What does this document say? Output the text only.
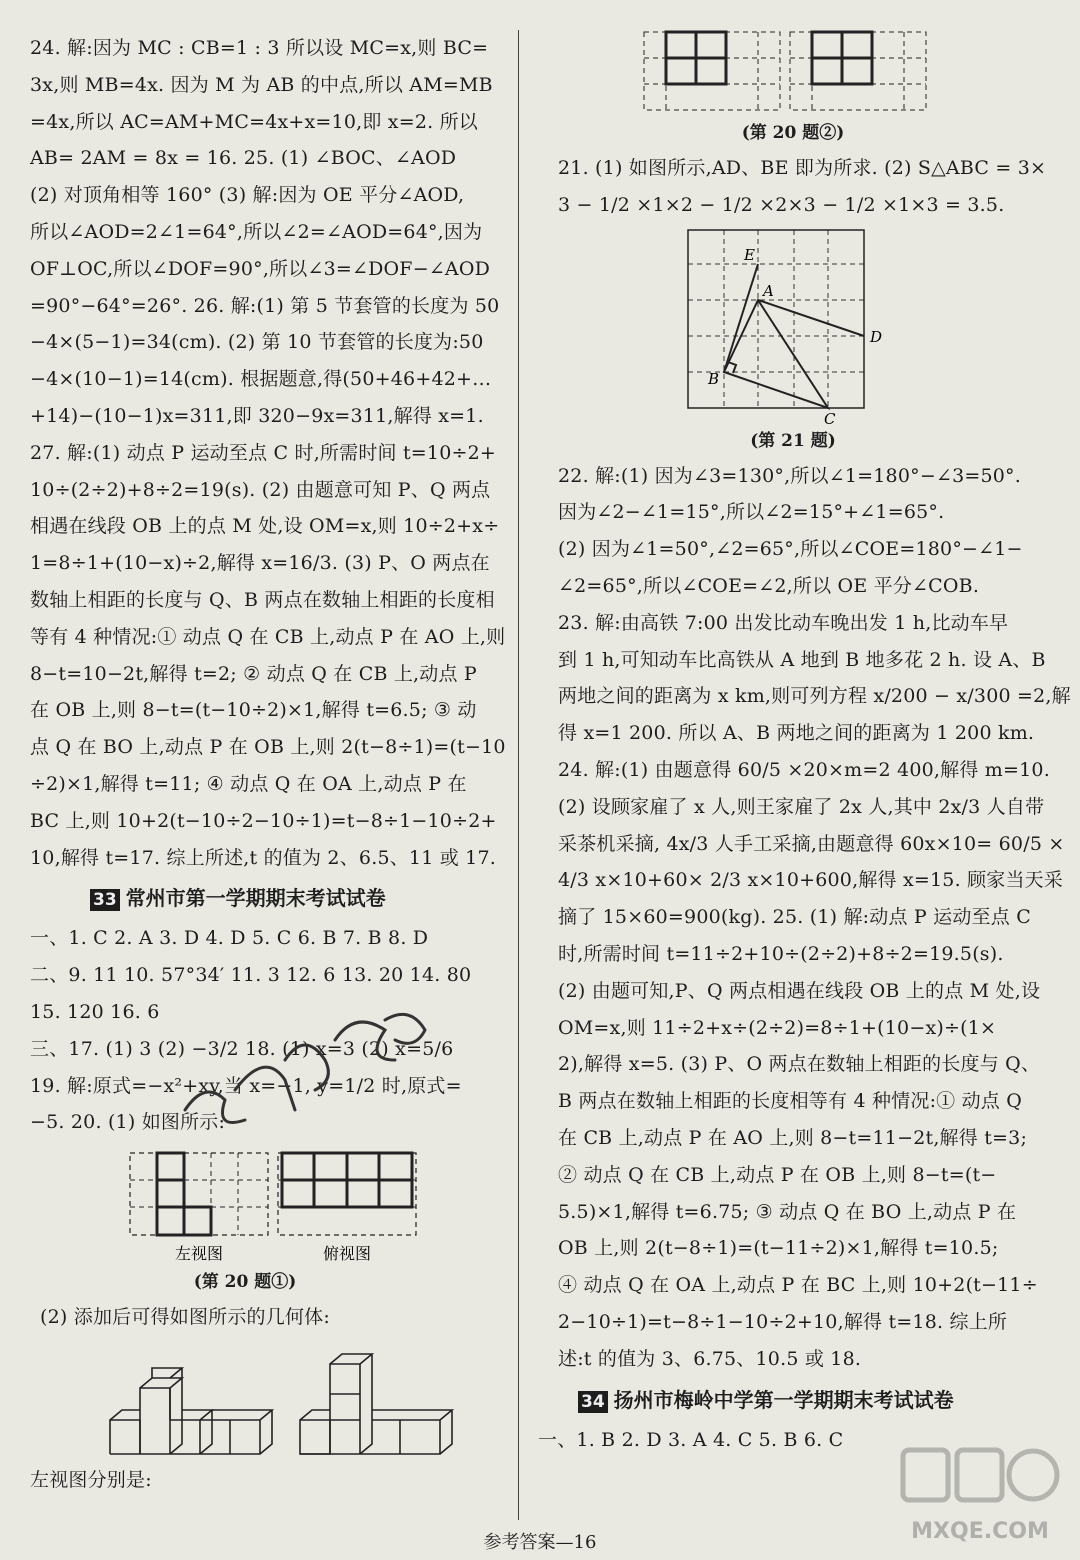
24. 解:因为 MC : CB=1 : 3 所以设 MC=x,则 BC=
3x,则 MB=4x. 因为 M 为 AB 的中点,所以 AM=MB
=4x,所以 AC=AM+MC=4x+x=10,即 x=2. 所以
AB= 2AM = 8x = 16. 25. (1) ∠BOC、∠AOD
(2) 对顶角相等 160° (3) 解:因为 OE 平分∠AOD,
所以∠AOD=2∠1=64°,所以∠2=∠AOD=64°,因为
OF⊥OC,所以∠DOF=90°,所以∠3=∠DOF−∠AOD
=90°−64°=26°. 26. 解:(1) 第 5 节套管的长度为 50
−4×(5−1)=34(cm). (2) 第 10 节套管的长度为:50
−4×(10−1)=14(cm). 根据题意,得(50+46+42+…
+14)−(10−1)x=311,即 320−9x=311,解得 x=1.
27. 解:(1) 动点 P 运动至点 C 时,所需时间 t=10÷2+
10÷(2÷2)+8÷2=19(s). (2) 由题意可知 P、Q 两点
相遇在线段 OB 上的点 M 处,设 OM=x,则 10÷2+x÷
1=8÷1+(10−x)÷2,解得 x=16/3. (3) P、O 两点在
数轴上相距的长度与 Q、B 两点在数轴上相距的长度相
等有 4 种情况:① 动点 Q 在 CB 上,动点 P 在 AO 上,则
8−t=10−2t,解得 t=2; ② 动点 Q 在 CB 上,动点 P
在 OB 上,则 8−t=(t−10÷2)×1,解得 t=6.5; ③ 动
点 Q 在 BO 上,动点 P 在 OB 上,则 2(t−8÷1)=(t−10
÷2)×1,解得 t=11; ④ 动点 Q 在 OA 上,动点 P 在
BC 上,则 10+2(t−10÷2−10÷1)=t−8÷1−10÷2+
10,解得 t=17. 综上所述,t 的值为 2、6.5、11 或 17.
33 常州市第一学期期末考试试卷
一、1. C 2. A 3. D 4. D 5. C 6. B 7. B 8. D
二、9. 11 10. 57°34′ 11. 3 12. 6 13. 20 14. 80
15. 120 16. 6
三、17. (1) 3 (2) −3/2 18. (1) x=3 (2) x=5/6
19. 解:原式=−x²+xy,当 x=−1, y=1/2 时,原式=
−5. 20. (1) 如图所示:
左视图	俯视图
(第 20 题①)
(2) 添加后可得如图所示的几何体:
左视图分别是:
(第 20 题②)
21. (1) 如图所示,AD、BE 即为所求. (2) S△ABC = 3×
3 − 1/2 ×1×2 − 1/2 ×2×3 − 1/2 ×1×3 = 3.5.
E
A
D
B
C
(第 21 题)
22. 解:(1) 因为∠3=130°,所以∠1=180°−∠3=50°.
因为∠2−∠1=15°,所以∠2=15°+∠1=65°.
(2) 因为∠1=50°,∠2=65°,所以∠COE=180°−∠1−
∠2=65°,所以∠COE=∠2,所以 OE 平分∠COB.
23. 解:由高铁 7:00 出发比动车晚出发 1 h,比动车早
到 1 h,可知动车比高铁从 A 地到 B 地多花 2 h. 设 A、B
两地之间的距离为 x km,则可列方程 x/200 − x/300 =2,解
得 x=1 200. 所以 A、B 两地之间的距离为 1 200 km.
24. 解:(1) 由题意得 60/5 ×20×m=2 400,解得 m=10.
(2) 设顾家雇了 x 人,则王家雇了 2x 人,其中 2x/3 人自带
采茶机采摘, 4x/3 人手工采摘,由题意得 60x×10= 60/5 ×
4/3 x×10+60× 2/3 x×10+600,解得 x=15. 顾家当天采
摘了 15×60=900(kg). 25. (1) 解:动点 P 运动至点 C
时,所需时间 t=11÷2+10÷(2÷2)+8÷2=19.5(s).
(2) 由题可知,P、Q 两点相遇在线段 OB 上的点 M 处,设
OM=x,则 11÷2+x÷(2÷2)=8÷1+(10−x)÷(1×
2),解得 x=5. (3) P、O 两点在数轴上相距的长度与 Q、
B 两点在数轴上相距的长度相等有 4 种情况:① 动点 Q
在 CB 上,动点 P 在 AO 上,则 8−t=11−2t,解得 t=3;
② 动点 Q 在 CB 上,动点 P 在 OB 上,则 8−t=(t−
5.5)×1,解得 t=6.75; ③ 动点 Q 在 BO 上,动点 P 在
OB 上,则 2(t−8÷1)=(t−11÷2)×1,解得 t=10.5;
④ 动点 Q 在 OA 上,动点 P 在 BC 上,则 10+2(t−11÷
2−10÷1)=t−8÷1−10÷2+10,解得 t=18. 综上所
述:t 的值为 3、6.75、10.5 或 18.
34 扬州市梅岭中学第一学期期末考试试卷
一、1. B 2. D 3. A 4. C 5. B 6. C
MXQE.COM
参考答案—16
